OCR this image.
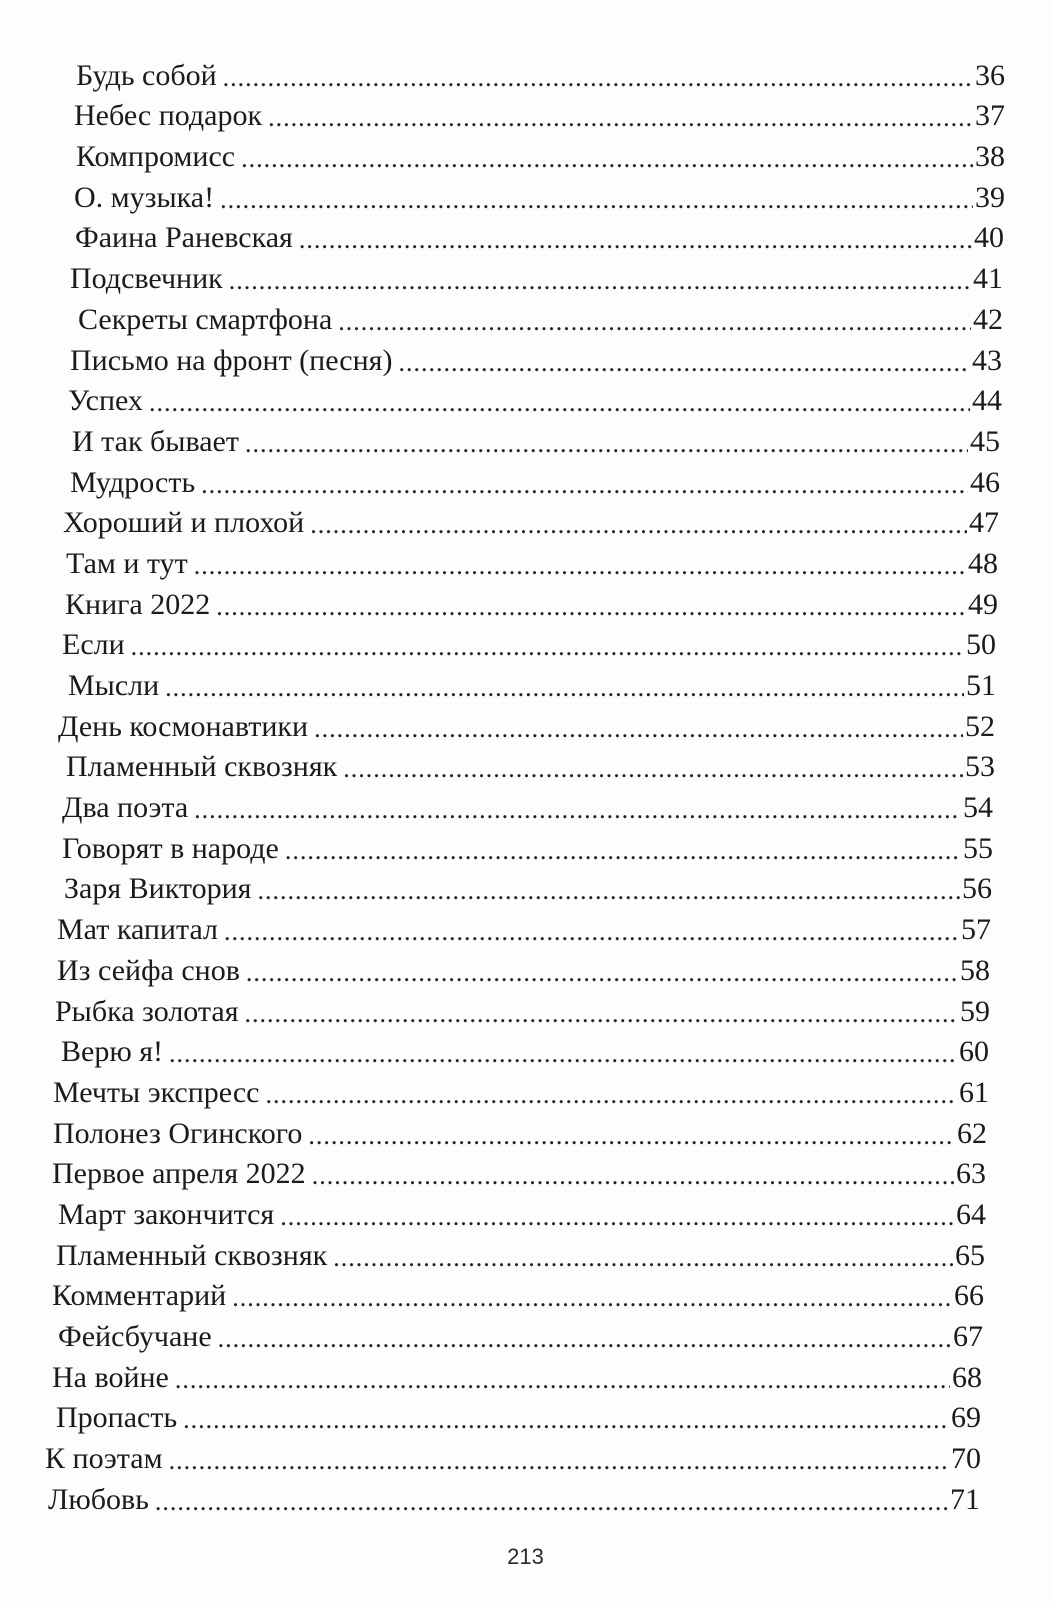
Будь собой .....	36
Небес подарок .....	37
Компромисс .....	38
О. музыка! .....	39
Фаина Раневская .....	40
Подсвечник .....	41
Секреты смартфона .....	42
Письмо на фронт (песня) .....	43
Успех .....	44
И так бывает .....	45
Мудрость .....	46
Хороший и плохой .....	47
Там и тут .....	48
Книга 2022 .....	49
Если .....	50
Мысли .....	51
День космонавтики .....	52
Пламенный сквозняк .....	53
Два поэта .....	54
Говорят в народе .....	55
Заря Виктория .....	56
Мат капитал .....	57
Из сейфа снов .....	58
Рыбка золотая .....	59
Верю я! .....	60
Мечты экспресс .....	61
Полонез Огинского .....	62
Первое апреля 2022 .....	63
Март закончится .....	64
Пламенный сквозняк .....	65
Комментарий .....	66
Фейсбучане .....	67
На войне .....	68
Пропасть .....	69
К поэтам .....	70
Любовь .....	71
213
